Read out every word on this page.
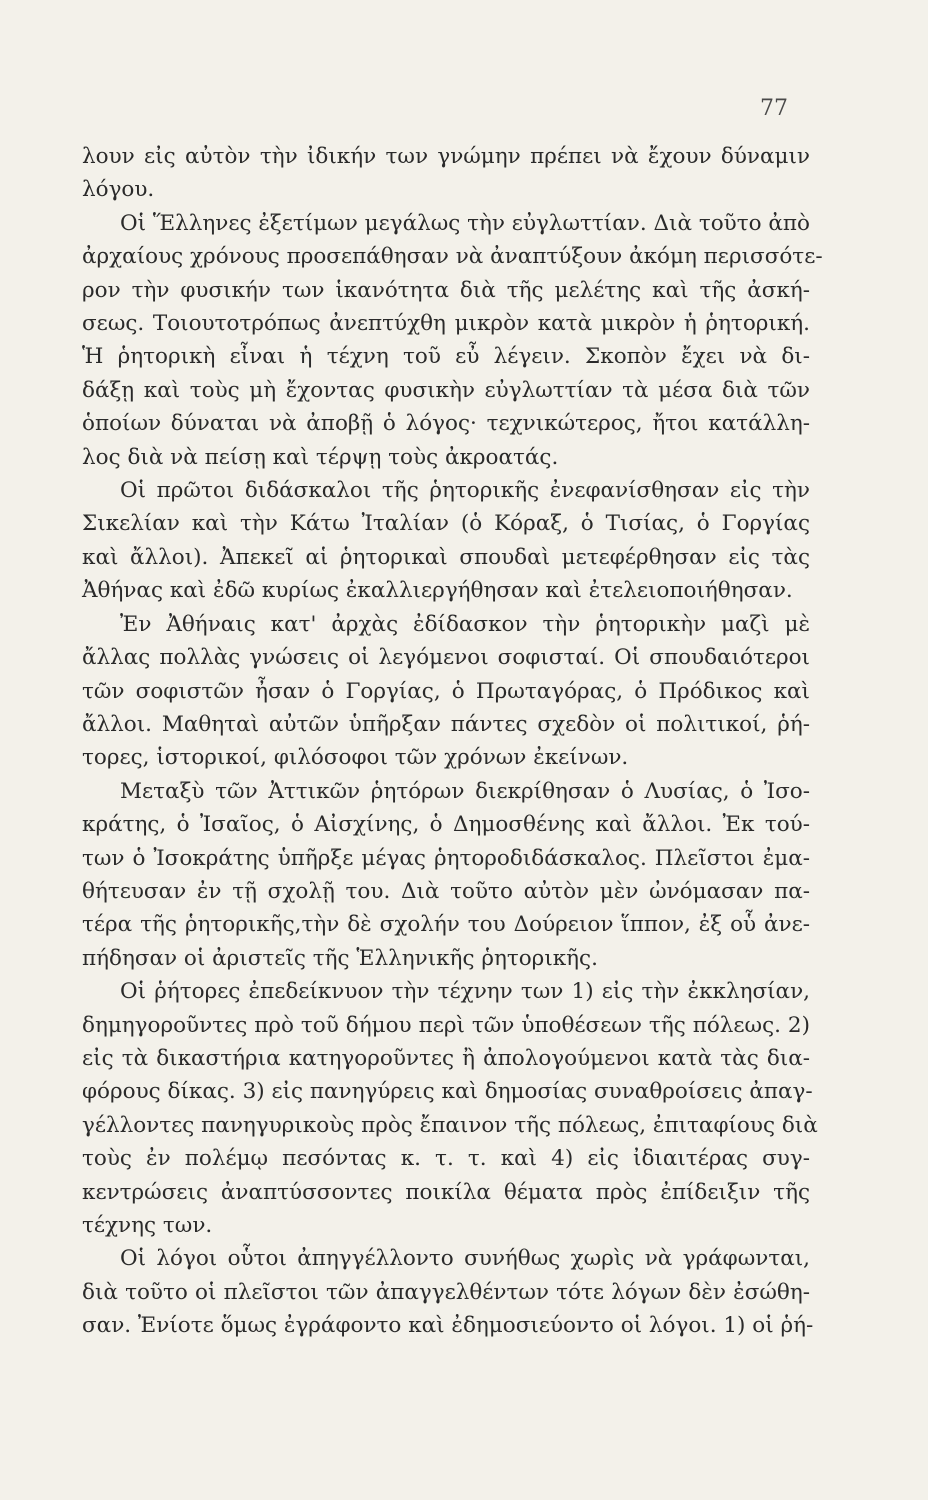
77
λουν εἰς αὐτὸν τὴν ἰδικήν των γνώμην πρέπει νὰ ἔχουν δύναμιν
λόγου.
Οἱ Ἕλληνες ἐξετίμων μεγάλως τὴν εὐγλωττίαν. Διὰ τοῦτο ἀπὸ
ἀρχαίους χρόνους προσεπάθησαν νὰ ἀναπτύξουν ἀκόμη περισσότε-
ρον τὴν φυσικήν των ἱκανότητα διὰ τῆς μελέτης καὶ τῆς ἀσκή-
σεως. Τοιουτοτρόπως ἀνεπτύχθη μικρὸν κατὰ μικρὸν ἡ ῥητορική.
Ἡ ῥητορικὴ εἶναι ἡ τέχνη τοῦ εὖ λέγειν. Σκοπὸν ἔχει νὰ δι-
δάξῃ καὶ τοὺς μὴ ἔχοντας φυσικὴν εὐγλωττίαν τὰ μέσα διὰ τῶν
ὁποίων δύναται νὰ ἀποβῇ ὁ λόγος· τεχνικώτερος, ἤτοι κατάλλη-
λος διὰ νὰ πείσῃ καὶ τέρψῃ τοὺς ἀκροατάς.
Οἱ πρῶτοι διδάσκαλοι τῆς ῥητορικῆς ἐνεφανίσθησαν εἰς τὴν
Σικελίαν καὶ τὴν Κάτω Ἰταλίαν (ὁ Κόραξ, ὁ Τισίας, ὁ Γοργίας
καὶ ἄλλοι). Ἀπεκεῖ αἱ ῥητορικαὶ σπουδαὶ μετεφέρθησαν εἰς τὰς
Ἀθήνας καὶ ἐδῶ κυρίως ἐκαλλιεργήθησαν καὶ ἐτελειοποιήθησαν.
Ἐν Ἀθήναις κατ' ἀρχὰς ἐδίδασκον τὴν ῥητορικὴν μαζὶ μὲ
ἄλλας πολλὰς γνώσεις οἱ λεγόμενοι σοφισταί. Οἱ σπουδαιότεροι
τῶν σοφιστῶν ἦσαν ὁ Γοργίας, ὁ Πρωταγόρας, ὁ Πρόδικος καὶ
ἄλλοι. Μαθηταὶ αὐτῶν ὑπῆρξαν πάντες σχεδὸν οἱ πολιτικοί, ῥή-
τορες, ἱστορικοί, φιλόσοφοι τῶν χρόνων ἐκείνων.
Μεταξὺ τῶν Ἀττικῶν ῥητόρων διεκρίθησαν ὁ Λυσίας, ὁ Ἰσο-
κράτης, ὁ Ἰσαῖος, ὁ Αἰσχίνης, ὁ Δημοσθένης καὶ ἄλλοι. Ἐκ τού-
των ὁ Ἰσοκράτης ὑπῆρξε μέγας ῥητοροδιδάσκαλος. Πλεῖστοι ἐμα-
θήτευσαν ἐν τῇ σχολῇ του. Διὰ τοῦτο αὐτὸν μὲν ὠνόμασαν πα-
τέρα τῆς ῥητορικῆς,τὴν δὲ σχολήν του Δούρειον ἵππον, ἐξ οὗ ἀνε-
πήδησαν οἱ ἀριστεῖς τῆς Ἑλληνικῆς ῥητορικῆς.
Οἱ ῥήτορες ἐπεδείκνυον τὴν τέχνην των 1) εἰς τὴν ἐκκλησίαν,
δημηγοροῦντες πρὸ τοῦ δήμου περὶ τῶν ὑποθέσεων τῆς πόλεως. 2)
εἰς τὰ δικαστήρια κατηγοροῦντες ἢ ἀπολογούμενοι κατὰ τὰς δια-
φόρους δίκας. 3) εἰς πανηγύρεις καὶ δημοσίας συναθροίσεις ἀπαγ-
γέλλοντες πανηγυρικοὺς πρὸς ἔπαινον τῆς πόλεως, ἐπιταφίους διὰ
τοὺς ἐν πολέμῳ πεσόντας κ. τ. τ. καὶ 4) εἰς ἰδιαιτέρας συγ-
κεντρώσεις ἀναπτύσσοντες ποικίλα θέματα πρὸς ἐπίδειξιν τῆς
τέχνης των.
Οἱ λόγοι οὗτοι ἀπηγγέλλοντο συνήθως χωρὶς νὰ γράφωνται,
διὰ τοῦτο οἱ πλεῖστοι τῶν ἀπαγγελθέντων τότε λόγων δὲν ἐσώθη-
σαν. Ἐνίοτε ὅμως ἐγράφοντο καὶ ἐδημοσιεύοντο οἱ λόγοι. 1) οἱ ῥή-
